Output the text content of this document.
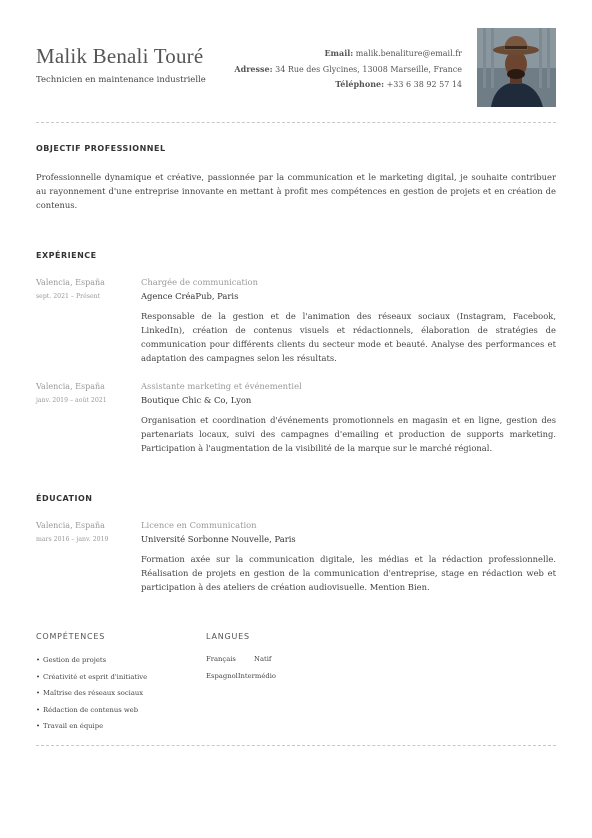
Malik Benali Touré
Technicien en maintenance industrielle
Email: malik.benaliture@email.fr
Adresse: 34 Rue des Glycines, 13008 Marseille, France
Téléphone: +33 6 38 92 57 14
OBJECTIF PROFESSIONNEL
Professionnelle dynamique et créative, passionnée par la communication et le marketing digital, je souhaite contribuer au rayonnement d'une entreprise innovante en mettant à profit mes compétences en gestion de projets et en création de contenus.
EXPÉRIENCE
Valencia, España
sept. 2021 – Présent
Chargée de communication
Agence CréaPub, Paris
Responsable de la gestion et de l'animation des réseaux sociaux (Instagram, Facebook, LinkedIn), création de contenus visuels et rédactionnels, élaboration de stratégies de communication pour différents clients du secteur mode et beauté. Analyse des performances et adaptation des campagnes selon les résultats.
Valencia, España
janv. 2019 – août 2021
Assistante marketing et événementiel
Boutique Chic & Co, Lyon
Organisation et coordination d'événements promotionnels en magasin et en ligne, gestion des partenariats locaux, suivi des campagnes d'emailing et production de supports marketing. Participation à l'augmentation de la visibilité de la marque sur le marché régional.
ÉDUCATION
Valencia, España
mars 2016 – janv. 2019
Licence en Communication
Université Sorbonne Nouvelle, Paris
Formation axée sur la communication digitale, les médias et la rédaction professionnelle. Réalisation de projets en gestion de la communication d'entreprise, stage en rédaction web et participation à des ateliers de création audiovisuelle. Mention Bien.
COMPÉTENCES
• Gestion de projets
• Créativité et esprit d'initiative
• Maîtrise des réseaux sociaux
• Rédaction de contenus web
• Travail en équipe
LANGUES
Français	Natif
EspagnolIntermédio
